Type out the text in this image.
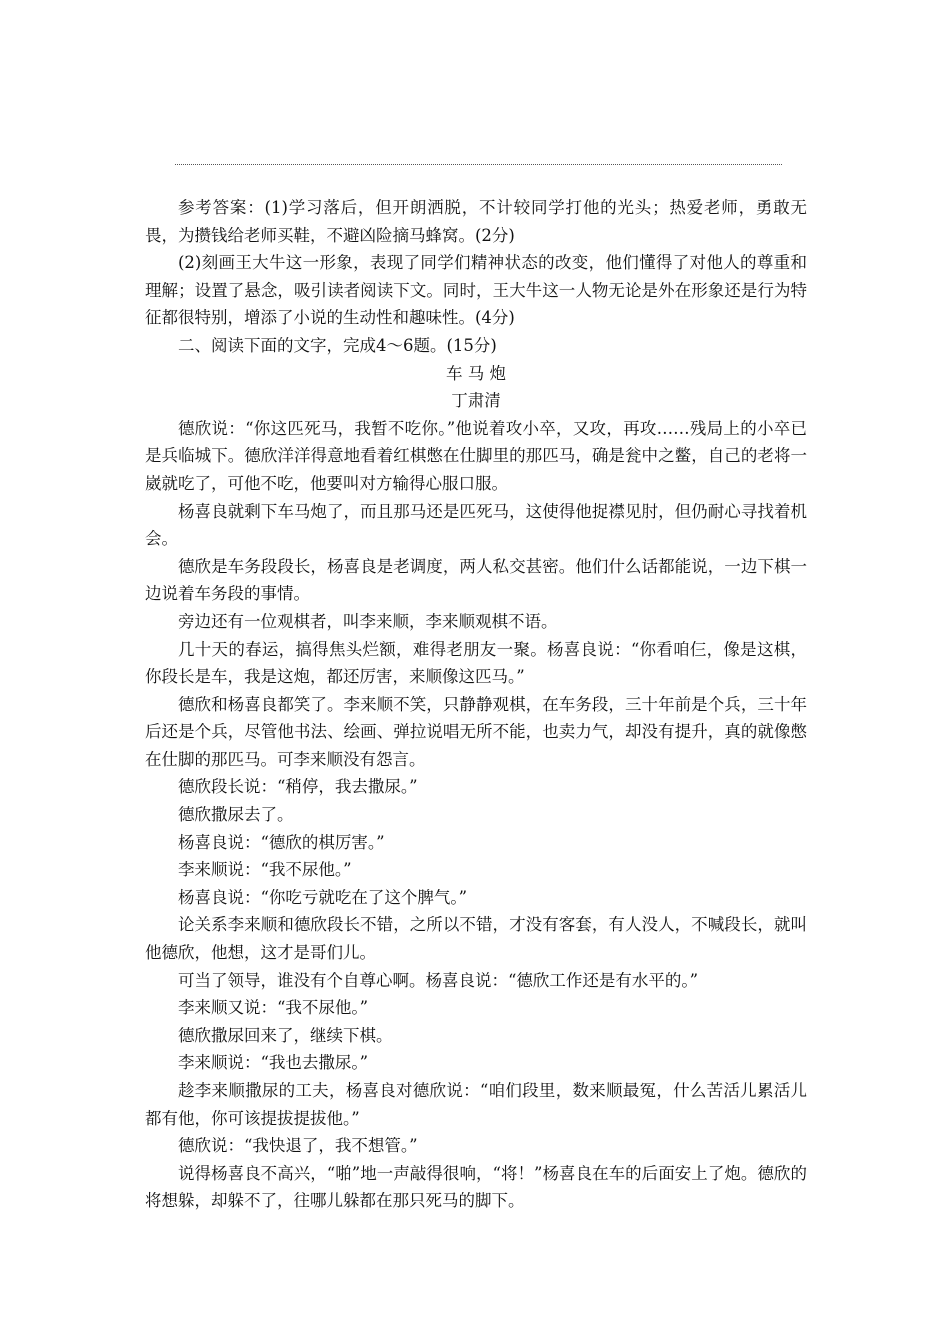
参考答案：(1)学习落后，但开朗洒脱，不计较同学打他的光头；热爱老师，勇敢无畏，为攒钱给老师买鞋，不避凶险摘马蜂窝。(2分)

(2)刻画王大牛这一形象，表现了同学们精神状态的改变，他们懂得了对他人的尊重和理解；设置了悬念，吸引读者阅读下文。同时，王大牛这一人物无论是外在形象还是行为特征都很特别，增添了小说的生动性和趣味性。(4分)

二、阅读下面的文字，完成4～6题。(15分)

车 马 炮

丁肃清

德欣说：“你这匹死马，我暂不吃你。”他说着攻小卒，又攻，再攻……残局上的小卒已是兵临城下。德欣洋洋得意地看着红棋憋在仕脚里的那匹马，确是瓮中之鳖，自己的老将一崴就吃了，可他不吃，他要叫对方输得心服口服。

杨喜良就剩下车马炮了，而且那马还是匹死马，这使得他捉襟见肘，但仍耐心寻找着机会。

德欣是车务段段长，杨喜良是老调度，两人私交甚密。他们什么话都能说，一边下棋一边说着车务段的事情。

旁边还有一位观棋者，叫李来顺，李来顺观棋不语。

几十天的春运，搞得焦头烂额，难得老朋友一聚。杨喜良说：“你看咱仨，像是这棋，你段长是车，我是这炮，都还厉害，来顺像这匹马。”

德欣和杨喜良都笑了。李来顺不笑，只静静观棋，在车务段，三十年前是个兵，三十年后还是个兵，尽管他书法、绘画、弹拉说唱无所不能，也卖力气，却没有提升，真的就像憋在仕脚的那匹马。可李来顺没有怨言。

德欣段长说：“稍停，我去撒尿。”

德欣撒尿去了。

杨喜良说：“德欣的棋厉害。”

李来顺说：“我不尿他。”

杨喜良说：“你吃亏就吃在了这个脾气。”

论关系李来顺和德欣段长不错，之所以不错，才没有客套，有人没人，不喊段长，就叫他德欣，他想，这才是哥们儿。

可当了领导，谁没有个自尊心啊。杨喜良说：“德欣工作还是有水平的。”

李来顺又说：“我不尿他。”

德欣撒尿回来了，继续下棋。

李来顺说：“我也去撒尿。”

趁李来顺撒尿的工夫，杨喜良对德欣说：“咱们段里，数来顺最冤，什么苦活儿累活儿都有他，你可该提拔提拔他。”

德欣说：“我快退了，我不想管。”

说得杨喜良不高兴，“啪”地一声敲得很响，“将！”杨喜良在车的后面安上了炮。德欣的将想躲，却躲不了，往哪儿躲都在那只死马的脚下。
